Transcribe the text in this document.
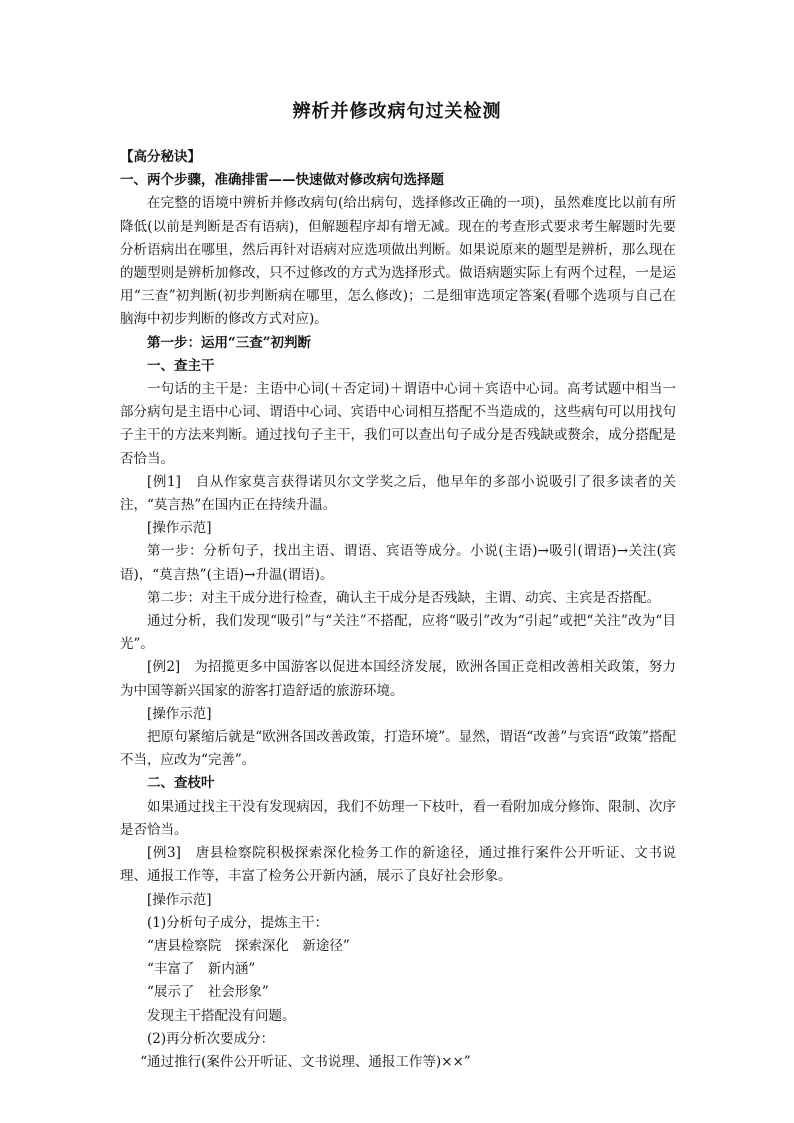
辨析并修改病句过关检测

【高分秘诀】

一、两个步骤，准确排雷——快速做对修改病句选择题

在完整的语境中辨析并修改病句(给出病句，选择修改正确的一项)，虽然难度比以前有所降低(以前是判断是否有语病)，但解题程序却有增无减。现在的考查形式要求考生解题时先要分析语病出在哪里，然后再针对语病对应选项做出判断。如果说原来的题型是辨析，那么现在的题型则是辨析加修改，只不过修改的方式为选择形式。做语病题实际上有两个过程，一是运用“三查”初判断(初步判断病在哪里，怎么修改)；二是细审选项定答案(看哪个选项与自己在脑海中初步判断的修改方式对应)。

第一步：运用“三查”初判断

一、查主干

一句话的主干是：主语中心词(＋否定词)＋谓语中心词＋宾语中心词。高考试题中相当一部分病句是主语中心词、谓语中心词、宾语中心词相互搭配不当造成的，这些病句可以用找句子主干的方法来判断。通过找句子主干，我们可以查出句子成分是否残缺或赘余，成分搭配是否恰当。

[例1]　自从作家莫言获得诺贝尔文学奖之后，他早年的多部小说吸引了很多读者的关注，“莫言热”在国内正在持续升温。

[操作示范]

第一步：分析句子，找出主语、谓语、宾语等成分。小说(主语)→吸引(谓语)→关注(宾语)，“莫言热”(主语)→升温(谓语)。

第二步：对主干成分进行检查，确认主干成分是否残缺，主谓、动宾、主宾是否搭配。

通过分析，我们发现“吸引”与“关注”不搭配，应将“吸引”改为“引起”或把“关注”改为“目光”。

[例2]　为招揽更多中国游客以促进本国经济发展，欧洲各国正竞相改善相关政策，努力为中国等新兴国家的游客打造舒适的旅游环境。

[操作示范]

把原句紧缩后就是“欧洲各国改善政策，打造环境”。显然，谓语“改善”与宾语“政策”搭配不当，应改为“完善”。

二、查枝叶

如果通过找主干没有发现病因，我们不妨理一下枝叶，看一看附加成分修饰、限制、次序是否恰当。

[例3]　唐县检察院积极探索深化检务工作的新途径，通过推行案件公开听证、文书说理、通报工作等，丰富了检务公开新内涵，展示了良好社会形象。

[操作示范]

(1)分析句子成分，提炼主干：

“唐县检察院　探索深化　新途径”

“丰富了　新内涵”

“展示了　社会形象”

发现主干搭配没有问题。

(2)再分析次要成分：

“通过推行(案件公开听证、文书说理、通报工作等)××”
